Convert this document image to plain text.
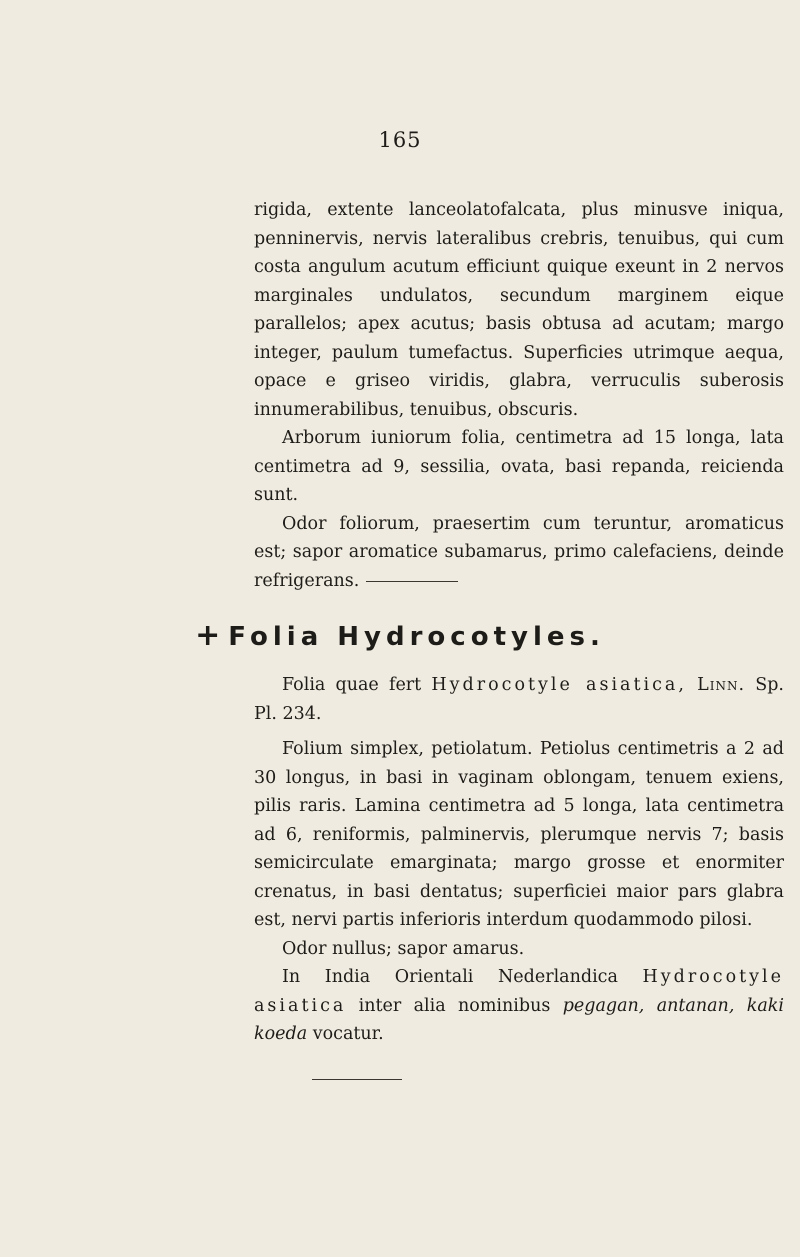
165

rigida, extente lanceolatofalcata, plus minusve iniqua, penninervis, nervis lateralibus crebris, tenuibus, qui cum costa angulum acutum efficiunt quique exeunt in 2 nervos marginales undulatos, secundum marginem eique parallelos; apex acutus; basis obtusa ad acutam; margo integer, paulum tumefactus. Superficies utrimque aequa, opace e griseo viridis, glabra, verruculis suberosis innumerabilibus, tenuibus, obscuris.

Arborum iuniorum folia, centimetra ad 15 longa, lata centimetra ad 9, sessilia, ovata, basi repanda, reicienda sunt.

Odor foliorum, praesertim cum teruntur, aromaticus est; sapor aromatice subamarus, primo calefaciens, deinde refrigerans.

+ Folia Hydrocotyles.

Folia quae fert Hydrocotyle asiatica, Linn. Sp. Pl. 234.

Folium simplex, petiolatum. Petiolus centimetris a 2 ad 30 longus, in basi in vaginam oblongam, tenuem exiens, pilis raris. Lamina centimetra ad 5 longa, lata centimetra ad 6, reniformis, palminervis, plerumque nervis 7; basis semicirculate emarginata; margo grosse et enormiter crenatus, in basi dentatus; superficiei maior pars glabra est, nervi partis inferioris interdum quodammodo pilosi.

Odor nullus; sapor amarus.

In India Orientali Nederlandica Hydrocotyle asiatica inter alia nominibus pegagan, antanan, kaki koeda vocatur.
